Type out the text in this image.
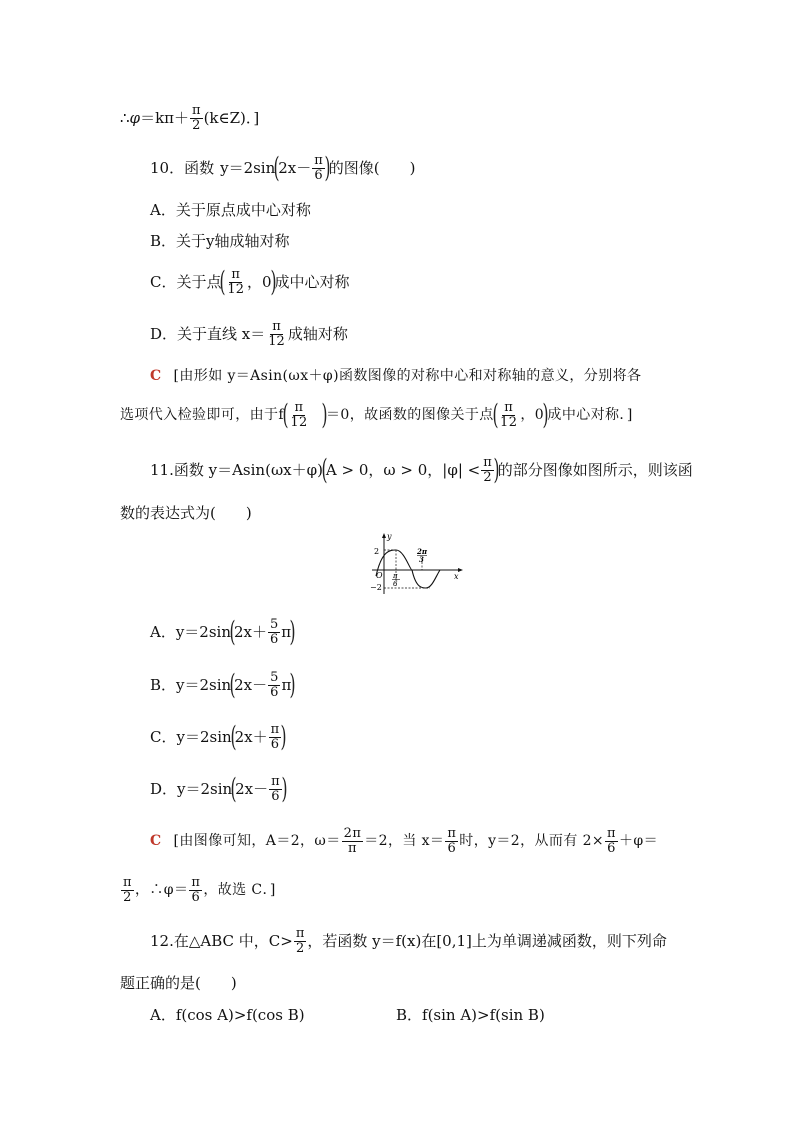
∴ $\varphi =k\pi+ \frac{\pi}{2}$ (k∈Z)．]
10．函数 y＝2sin
(
$2x- \frac{\pi}{6}$ )
的图像(　　)
A．关于原点成中心对称
B．关于y轴成轴对称
C．关于点
( $\frac{\pi}{12}$ ，0
)
成中心对称
D．关于直线 $x= \frac{\pi}{12}$ 成轴对称
C [由形如 y＝Asin(ωx＋φ)函数图像的对称中心和对称轴的意义，分别将各
选项代入检验即可，由于f
( $\frac{\pi}{12}$ )
＝0，故函数的图像关于点
( $\frac{\pi}{12}$ ，0
)
成中心对称．]
11.函数 y＝Asin(ωx＋φ)
(
A > 0，ω > 0，$|\varphi| < \frac{\pi}{2}$ )
的部分图像如图所示，则该函
数的表达式为(　　)
y
x
2
−2
O π
6
2π
3
A．y＝2sin
(
$2x+ \frac{5}{6}$ π
)
B．y＝2sin
(
$2x- \frac{5}{6}$ π
)
C．y＝2sin
(
$2x+ \frac{\pi}{6}$ )
D．y＝2sin
(
$2x- \frac{\pi}{6}$ )
C [由图像可知，A＝2，$\omega= \frac{2\pi}{\pi} =2$，当 $x= \frac{\pi}{6}$ 时，y＝2，从而有 $2\times \frac{\pi}{6} +\varphi=$
$\frac{\pi}{2}$ ，∴φ＝ $\frac{\pi}{6}$ ，故选 C．]
12.在△ABC 中，$C> \frac{\pi}{2}$ ，若函数 y＝f(x)在[0,1]上为单调递减函数，则下列命
题正确的是(　　)
A．f(cos A)>f(cos B)	B．f(sin A)>f(sin B)
